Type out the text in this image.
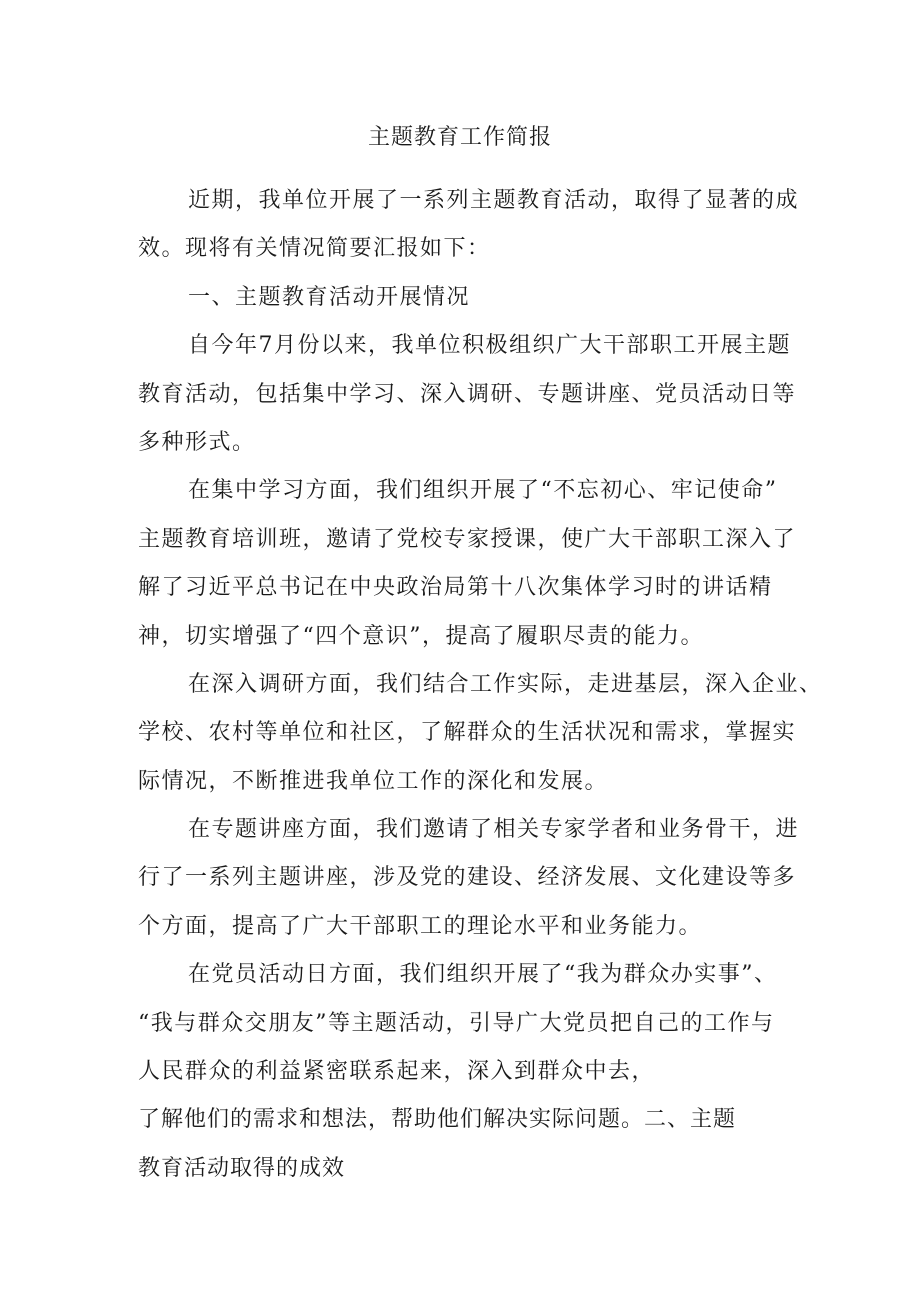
主题教育工作简报
近期，我单位开展了一系列主题教育活动，取得了显著的成
效。现将有关情况简要汇报如下：
一、主题教育活动开展情况
自今年7月份以来，我单位积极组织广大干部职工开展主题
教育活动，包括集中学习、深入调研、专题讲座、党员活动日等
多种形式。
在集中学习方面，我们组织开展了“不忘初心、牢记使命”
主题教育培训班，邀请了党校专家授课，使广大干部职工深入了
解了习近平总书记在中央政治局第十八次集体学习时的讲话精
神，切实增强了“四个意识”，提高了履职尽责的能力。
在深入调研方面，我们结合工作实际，走进基层，深入企业、
学校、农村等单位和社区，了解群众的生活状况和需求，掌握实
际情况，不断推进我单位工作的深化和发展。
在专题讲座方面，我们邀请了相关专家学者和业务骨干，进
行了一系列主题讲座，涉及党的建设、经济发展、文化建设等多
个方面，提高了广大干部职工的理论水平和业务能力。
在党员活动日方面，我们组织开展了“我为群众办实事”、
“我与群众交朋友”等主题活动，引导广大党员把自己的工作与
人民群众的利益紧密联系起来，深入到群众中去，
了解他们的需求和想法，帮助他们解决实际问题。二、主题
教育活动取得的成效
